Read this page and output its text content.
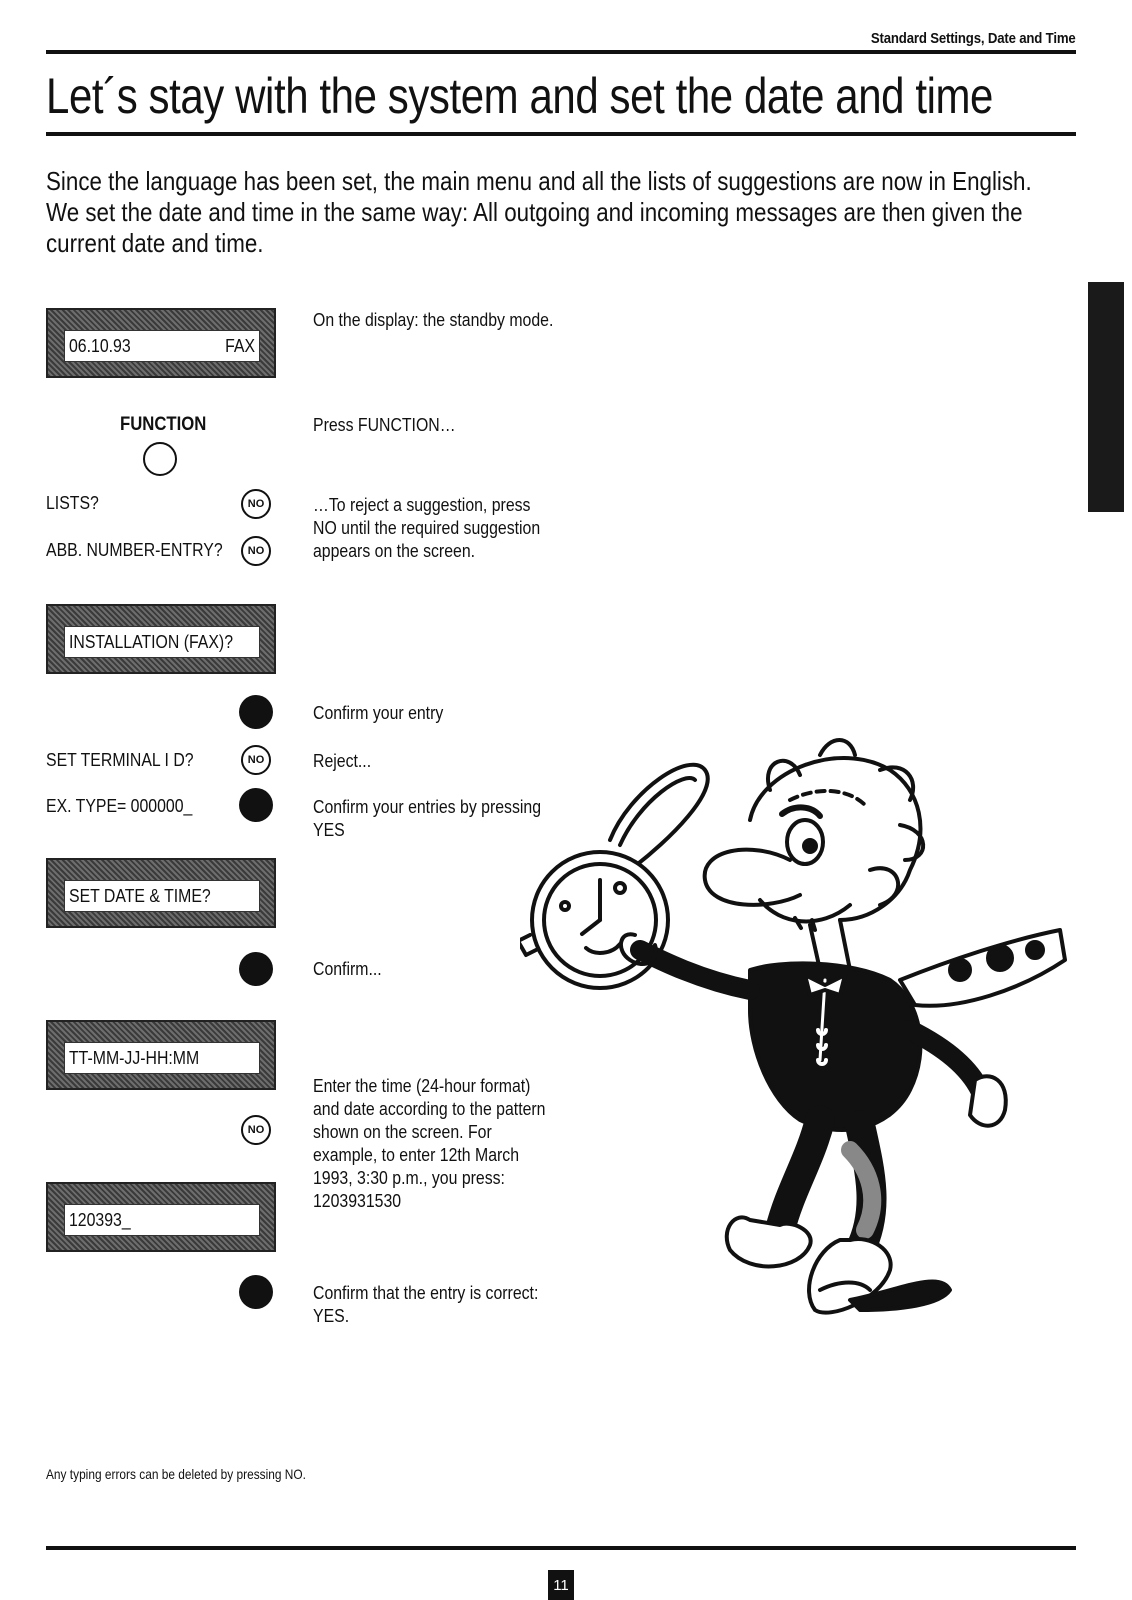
Standard Settings, Date and Time
Let´s stay with the system and set the date and time

Since the language has been set, the main menu and all the lists of suggestions are now in English. We set the date and time in the same way: All outgoing and incoming messages are then given the current date and time.

06.10.93	FAX
On the display: the standby mode.
FUNCTION	Press FUNCTION…
LISTS?	NO
ABB. NUMBER-ENTRY?	NO
…To reject a suggestion, press NO until the required suggestion appears on the screen.
INSTALLATION (FAX)?
Confirm your entry
SET TERMINAL I D?	NO	Reject...
EX. TYPE= 000000_	Confirm your entries by pressing YES
SET DATE & TIME?
Confirm...
TT-MM-JJ-HH:MM
NO
Enter the time (24-hour format) and date according to the pattern shown on the screen. For example, to enter 12th March 1993, 3:30 p.m., you press: 1203931530
120393_
Confirm that the entry is correct: YES.
Any typing errors can be deleted by pressing NO.
11
